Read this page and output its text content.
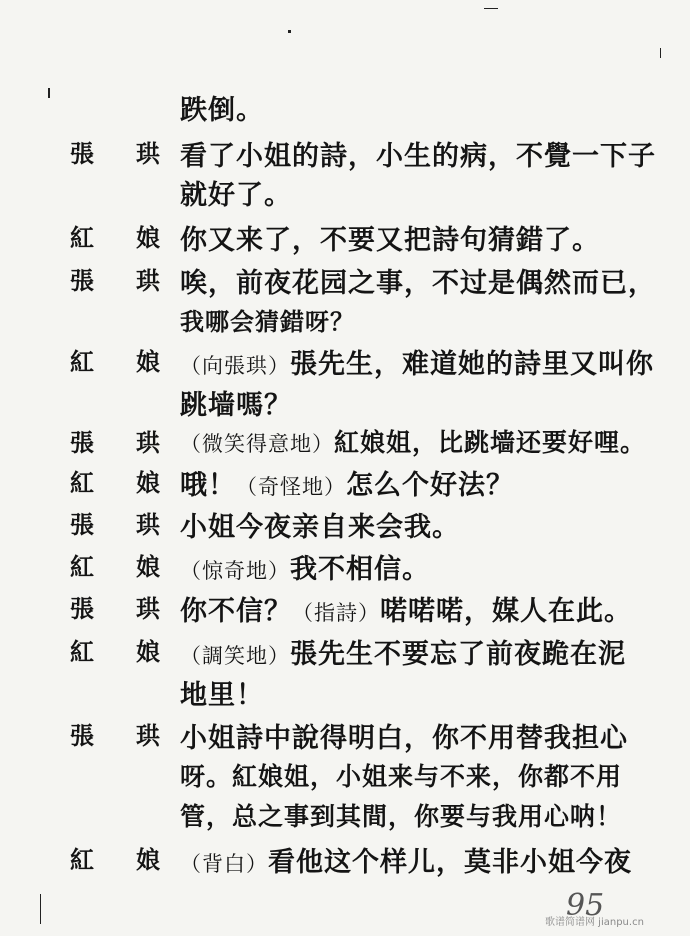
跌倒。
張 珙 看了小姐的詩，小生的病，不覺一下子
就好了。
紅 娘 你又来了，不要又把詩句猜錯了。
張 珙 唉，前夜花园之事，不过是偶然而已，
我哪会猜錯呀？
紅 娘 （向張珙）張先生，难道她的詩里又叫你
跳墙嗎？
張 珙 （微笑得意地）紅娘姐，比跳墙还要好哩。
紅 娘 哦！（奇怪地）怎么个好法？
張 珙 小姐今夜亲自来会我。
紅 娘 （惊奇地）我不相信。
張 珙 你不信？（指詩）喏喏喏，媒人在此。
紅 娘 （調笑地）張先生不要忘了前夜跪在泥
地里！
張 珙 小姐詩中說得明白，你不用替我担心
呀。紅娘姐，小姐来与不来，你都不用
管，总之事到其間，你要与我用心呐！
紅 娘 （背白）看他这个样儿，莫非小姐今夜
95
歌谱简谱网 jianpu.cn
